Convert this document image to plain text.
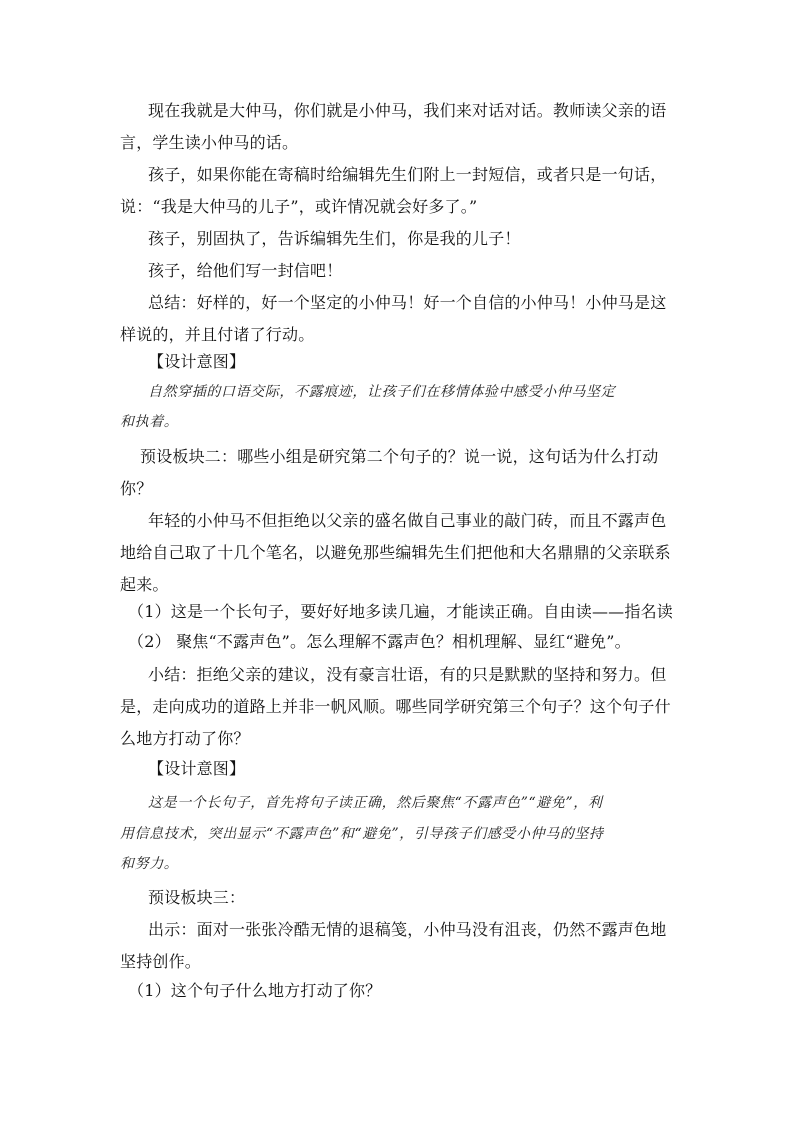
现在我就是大仲马，你们就是小仲马，我们来对话对话。教师读父亲的语
言，学生读小仲马的话。
孩子，如果你能在寄稿时给编辑先生们附上一封短信，或者只是一句话，
说：“我是大仲马的儿子”，或许情况就会好多了。”
孩子，别固执了，告诉编辑先生们，你是我的儿子！
孩子，给他们写一封信吧！
总结：好样的，好一个坚定的小仲马！好一个自信的小仲马！小仲马是这
样说的，并且付诸了行动。
【设计意图】
自然穿插的口语交际，不露痕迹，让孩子们在移情体验中感受小仲马坚定
和执着。
预设板块二：哪些小组是研究第二个句子的？说一说，这句话为什么打动
你？
年轻的小仲马不但拒绝以父亲的盛名做自己事业的敲门砖，而且不露声色
地给自己取了十几个笔名，以避免那些编辑先生们把他和大名鼎鼎的父亲联系
起来。
（1）这是一个长句子，要好好地多读几遍，才能读正确。自由读——指名读
（2） 聚焦“不露声色”。怎么理解不露声色？相机理解、显红“避免”。
小结：拒绝父亲的建议，没有豪言壮语，有的只是默默的坚持和努力。但
是，走向成功的道路上并非一帆风顺。哪些同学研究第三个句子？这个句子什
么地方打动了你？
【设计意图】
这是一个长句子，首先将句子读正确，然后聚焦“不露声色”“避免”，利
用信息技术，突出显示“不露声色”和“避免”，引导孩子们感受小仲马的坚持
和努力。
预设板块三：
出示：面对一张张冷酷无情的退稿笺，小仲马没有沮丧，仍然不露声色地
坚持创作。
（1）这个句子什么地方打动了你？
